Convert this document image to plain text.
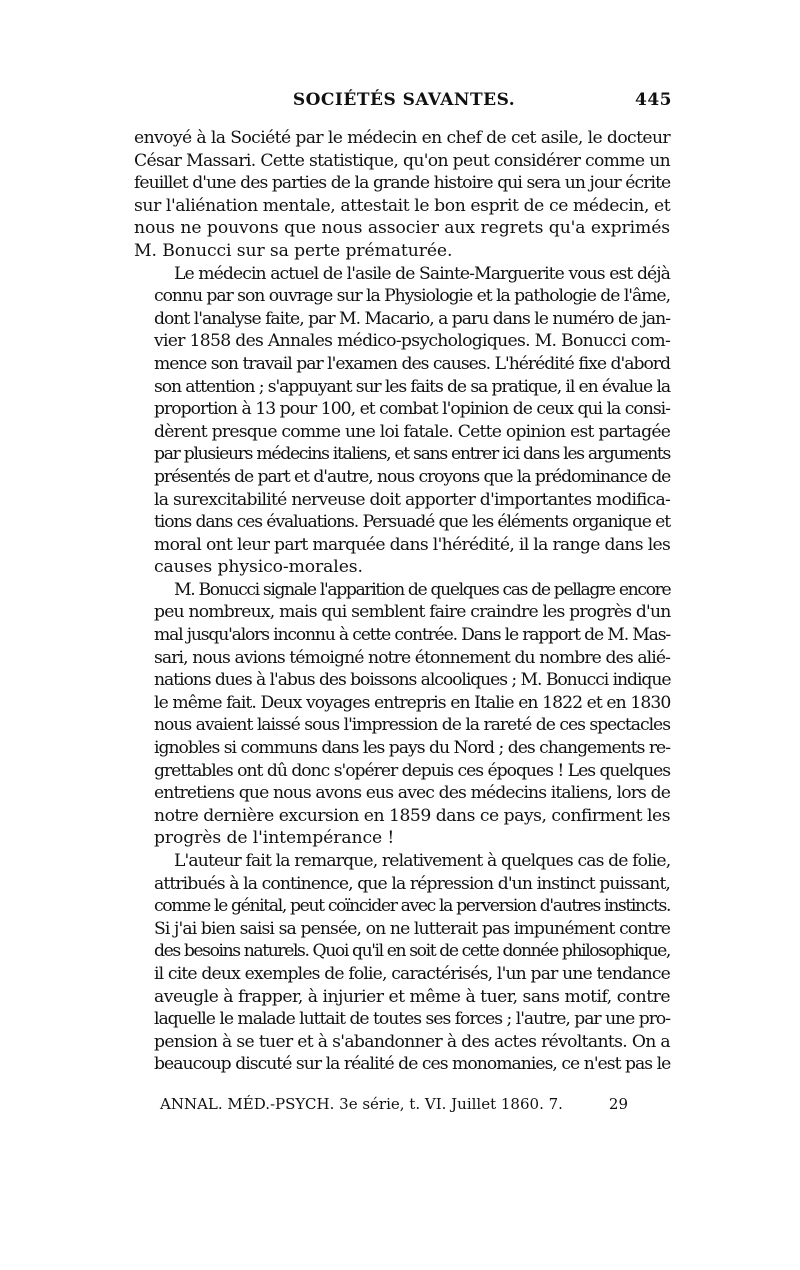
SOCIÉTÉS SAVANTES.	445

envoyé à la Société par le médecin en chef de cet asile, le docteur
César Massari. Cette statistique, qu'on peut considérer comme un
feuillet d'une des parties de la grande histoire qui sera un jour écrite
sur l'aliénation mentale, attestait le bon esprit de ce médecin, et
nous ne pouvons que nous associer aux regrets qu'a exprimés
M. Bonucci sur sa perte prématurée.

Le médecin actuel de l'asile de Sainte-Marguerite vous est déjà
connu par son ouvrage sur la Physiologie et la pathologie de l'âme,
dont l'analyse faite, par M. Macario, a paru dans le numéro de jan-
vier 1858 des Annales médico-psychologiques. M. Bonucci com-
mence son travail par l'examen des causes. L'hérédité fixe d'abord
son attention ; s'appuyant sur les faits de sa pratique, il en évalue la
proportion à 13 pour 100, et combat l'opinion de ceux qui la consi-
dèrent presque comme une loi fatale. Cette opinion est partagée
par plusieurs médecins italiens, et sans entrer ici dans les arguments
présentés de part et d'autre, nous croyons que la prédominance de
la surexcitabilité nerveuse doit apporter d'importantes modifica-
tions dans ces évaluations. Persuadé que les éléments organique et
moral ont leur part marquée dans l'hérédité, il la range dans les
causes physico-morales.

M. Bonucci signale l'apparition de quelques cas de pellagre encore
peu nombreux, mais qui semblent faire craindre les progrès d'un
mal jusqu'alors inconnu à cette contrée. Dans le rapport de M. Mas-
sari, nous avions témoigné notre étonnement du nombre des alié-
nations dues à l'abus des boissons alcooliques ; M. Bonucci indique
le même fait. Deux voyages entrepris en Italie en 1822 et en 1830
nous avaient laissé sous l'impression de la rareté de ces spectacles
ignobles si communs dans les pays du Nord ; des changements re-
grettables ont dû donc s'opérer depuis ces époques ! Les quelques
entretiens que nous avons eus avec des médecins italiens, lors de
notre dernière excursion en 1859 dans ce pays, confirment les
progrès de l'intempérance !

L'auteur fait la remarque, relativement à quelques cas de folie,
attribués à la continence, que la répression d'un instinct puissant,
comme le génital, peut coïncider avec la perversion d'autres instincts.
Si j'ai bien saisi sa pensée, on ne lutterait pas impunément contre
des besoins naturels. Quoi qu'il en soit de cette donnée philosophique,
il cite deux exemples de folie, caractérisés, l'un par une tendance
aveugle à frapper, à injurier et même à tuer, sans motif, contre
laquelle le malade luttait de toutes ses forces ; l'autre, par une pro-
pension à se tuer et à s'abandonner à des actes révoltants. On a
beaucoup discuté sur la réalité de ces monomanies, ce n'est pas le

ANNAL. MÉD.-PSYCH. 3e série, t. VI. Juillet 1860. 7.	29
